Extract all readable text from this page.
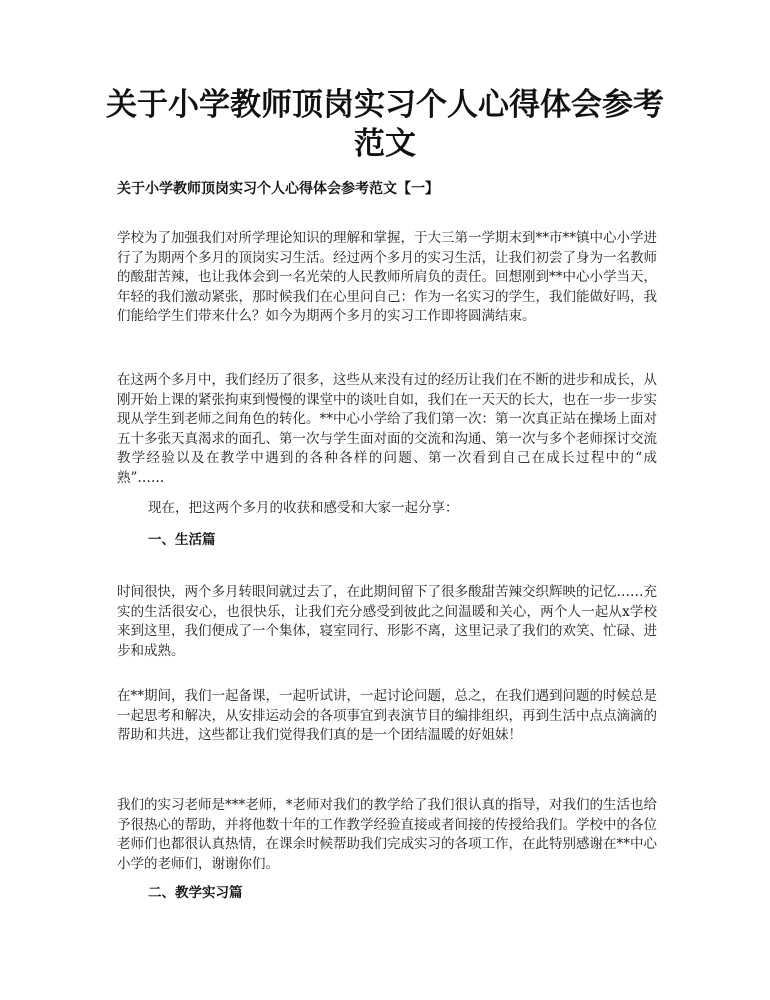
关于小学教师顶岗实习个人心得体会参考范文

关于小学教师顶岗实习个人心得体会参考范文【一】

学校为了加强我们对所学理论知识的理解和掌握，于大三第一学期末到**市**镇中心小学进行了为期两个多月的顶岗实习生活。经过两个多月的实习生活，让我们初尝了身为一名教师的酸甜苦辣，也让我体会到一名光荣的人民教师所肩负的责任。回想刚到**中心小学当天，年轻的我们激动紧张，那时候我们在心里问自己：作为一名实习的学生，我们能做好吗，我们能给学生们带来什么？如今为期两个多月的实习工作即将圆满结束。

在这两个多月中，我们经历了很多，这些从来没有过的经历让我们在不断的进步和成长，从刚开始上课的紧张拘束到慢慢的课堂中的谈吐自如，我们在一天天的长大，也在一步一步实现从学生到老师之间角色的转化。**中心小学给了我们第一次：第一次真正站在操场上面对五十多张天真渴求的面孔、第一次与学生面对面的交流和沟通、第一次与多个老师探讨交流教学经验以及在教学中遇到的各种各样的问题、第一次看到自己在成长过程中的“成熟”……

现在，把这两个多月的收获和感受和大家一起分享：

一、生活篇

时间很快，两个多月转眼间就过去了，在此期间留下了很多酸甜苦辣交织辉映的记忆……充实的生活很安心，也很快乐，让我们充分感受到彼此之间温暖和关心，两个人一起从x学校来到这里，我们便成了一个集体，寝室同行、形影不离，这里记录了我们的欢笑、忙碌、进步和成熟。

在**期间，我们一起备课，一起听试讲，一起讨论问题，总之，在我们遇到问题的时候总是一起思考和解决，从安排运动会的各项事宜到表演节目的编排组织，再到生活中点点滴滴的帮助和共进，这些都让我们觉得我们真的是一个团结温暖的好姐妹！

我们的实习老师是***老师，*老师对我们的教学给了我们很认真的指导，对我们的生活也给予很热心的帮助，并将他数十年的工作教学经验直接或者间接的传授给我们。学校中的各位老师们也都很认真热情，在课余时候帮助我们完成实习的各项工作，在此特别感谢在**中心小学的老师们，谢谢你们。

二、教学实习篇
